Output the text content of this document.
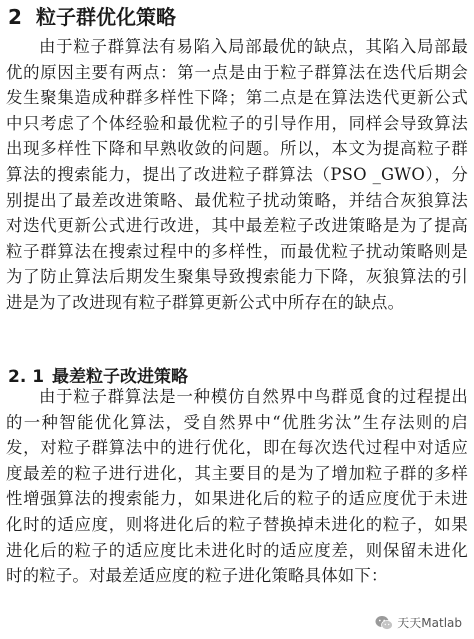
2 粒子群优化策略

由于粒子群算法有易陷入局部最优的缺点，其陷入局部最优的原因主要有两点：第一点是由于粒子群算法在迭代后期会发生聚集造成种群多样性下降；第二点是在算法迭代更新公式中只考虑了个体经验和最优粒子的引导作用，同样会导致算法出现多样性下降和早熟收敛的问题。所以，本文为提高粒子群算法的搜索能力，提出了改进粒子群算法（PSO _GWO），分别提出了最差改进策略、最优粒子扰动策略，并结合灰狼算法对迭代更新公式进行改进，其中最差粒子改进策略是为了提高粒子群算法在搜索过程中的多样性，而最优粒子扰动策略则是为了防止算法后期发生聚集导致搜索能力下降，灰狼算法的引进是为了改进现有粒子群算更新公式中所存在的缺点。

2. 1 最差粒子改进策略

由于粒子群算法是一种模仿自然界中鸟群觅食的过程提出的一种智能优化算法，受自然界中“优胜劣汰”生存法则的启发，对粒子群算法中的进行优化，即在每次迭代过程中对适应度最差的粒子进行进化，其主要目的是为了增加粒子群的多样性增强算法的搜索能力，如果进化后的粒子的适应度优于未进化时的适应度，则将进化后的粒子替换掉未进化的粒子，如果进化后的粒子的适应度比未进化时的适应度差，则保留未进化时的粒子。对最差适应度的粒子进化策略具体如下：

天天Matlab
